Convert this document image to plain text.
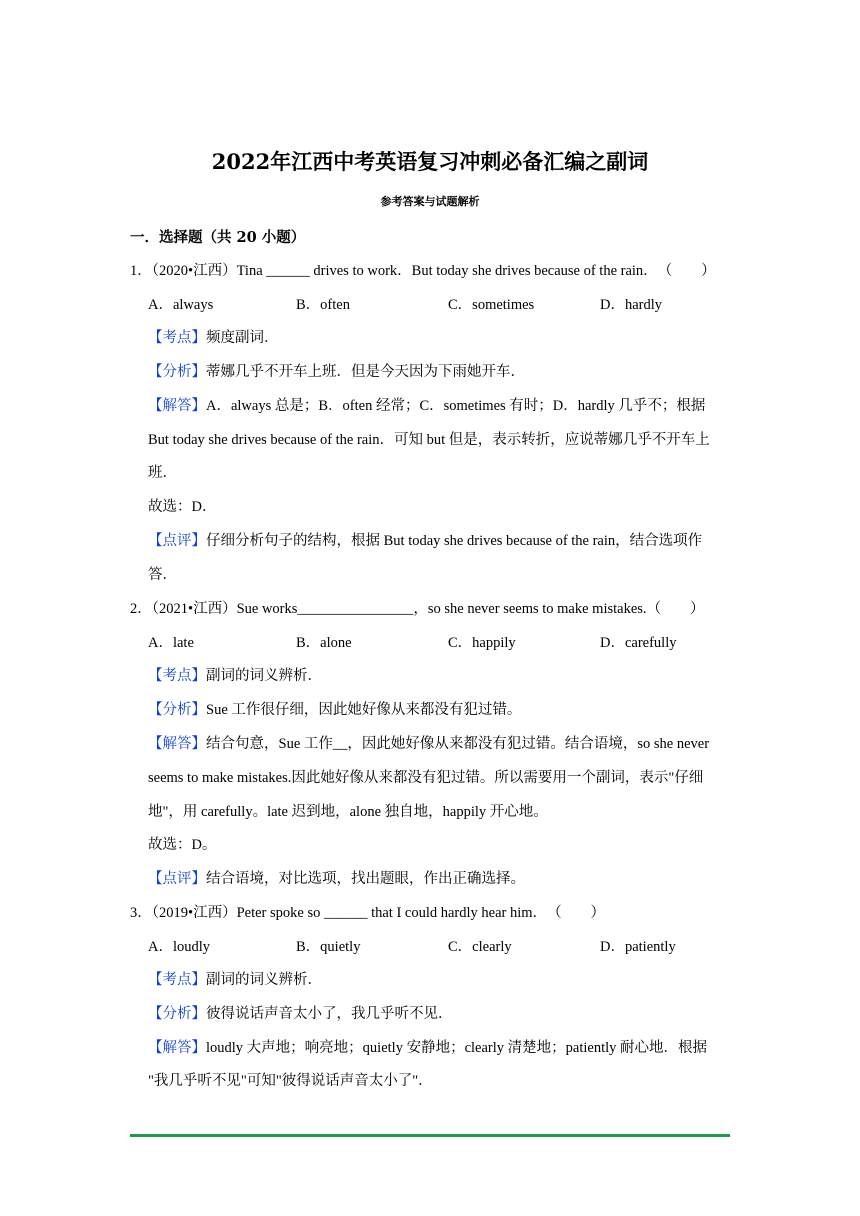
2022年江西中考英语复习冲刺必备汇编之副词
参考答案与试题解析
一．选择题（共 20 小题）
1．（2020•江西）Tina ______ drives to work．But today she drives because of the rain．（　　）
A．always	B．often	C．sometimes	D．hardly
【考点】频度副词．
【分析】蒂娜几乎不开车上班．但是今天因为下雨她开车．
【解答】A．always 总是；B．often 经常；C．sometimes 有时；D．hardly 几乎不；根据
But today she drives because of the rain．可知 but 但是，表示转折，应说蒂娜几乎不开车上
班．
故选：D．
【点评】仔细分析句子的结构，根据 But today she drives because of the rain，结合选项作
答．
2．（2021•江西）Sue works________________，so she never seems to make mistakes.（　　）
A．late	B．alone	C．happily	D．carefully
【考点】副词的词义辨析．
【分析】Sue 工作很仔细，因此她好像从来都没有犯过错。
【解答】结合句意，Sue 工作__，因此她好像从来都没有犯过错。结合语境，so she never
seems to make mistakes.因此她好像从来都没有犯过错。所以需要用一个副词，表示"仔细
地"，用 carefully。late 迟到地，alone 独自地，happily 开心地。
故选：D。
【点评】结合语境，对比选项，找出题眼，作出正确选择。
3．（2019•江西）Peter spoke so ______ that I could hardly hear him．（　　）
A．loudly	B．quietly	C．clearly	D．patiently
【考点】副词的词义辨析．
【分析】彼得说话声音太小了，我几乎听不见．
【解答】loudly 大声地；响亮地；quietly 安静地；clearly 清楚地；patiently 耐心地．根据
"我几乎听不见"可知"彼得说话声音太小了"．
